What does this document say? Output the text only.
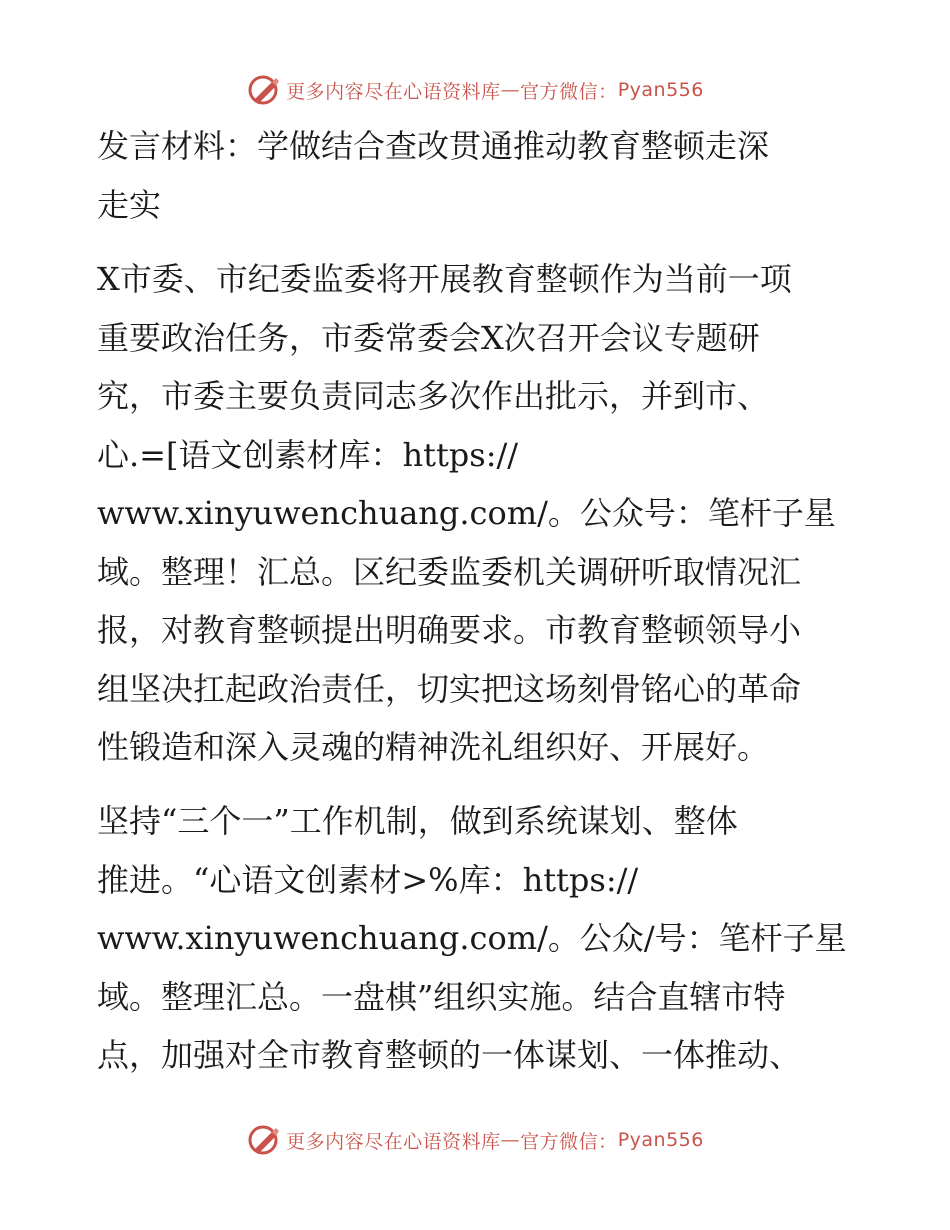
更多内容尽在心语资料库 — 官方微信： Pyan556
发言材料：学做结合查改贯通推动教育整顿走深
走实
X市委、市纪委监委将开展教育整顿作为当前一项
重要政治任务，市委常委会X次召开会议专题研
究，市委主要负责同志多次作出批示，并到市、
心.=[语文创素材库：https://
www.xinyuwenchuang.com/。公众号：笔杆子星
域。整理！汇总。区纪委监委机关调研听取情况汇
报，对教育整顿提出明确要求。市教育整顿领导小
组坚决扛起政治责任，切实把这场刻骨铭心的革命
性锻造和深入灵魂的精神洗礼组织好、开展好。
坚持“三个一”工作机制，做到系统谋划、整体
推进。“心语文创素材>%库：https://
www.xinyuwenchuang.com/。公众/号：笔杆子星
域。整理汇总。一盘棋”组织实施。结合直辖市特
点，加强对全市教育整顿的一体谋划、一体推动、
更多内容尽在心语资料库 — 官方微信： Pyan556
